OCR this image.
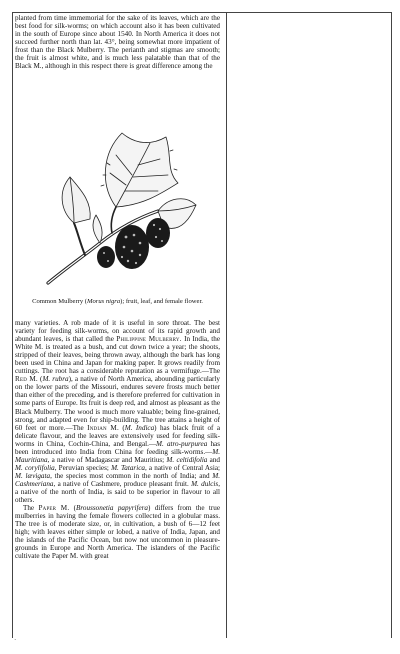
planted from time immemorial for the sake of its leaves, which are the best food for silk-worms; on which account also it has been cultivated in the south of Europe since about 1540. In North America it does not succeed further north than lat. 43°, being somewhat more impatient of frost than the Black Mulberry. The perianth and stigmas are smooth; the fruit is almost white, and is much less palatable than that of the Black M., although in this respect there is great difference among the

Common Mulberry (Morus nigra); fruit, leaf, and female flower.

many varieties. A rob made of it is useful in sore throat. The best variety for feeding silk-worms, on account of its rapid growth and abundant leaves, is that called the Philippine Mulberry. In India, the White M. is treated as a bush, and cut down twice a year; the shoots, stripped of their leaves, being thrown away, although the bark has long been used in China and Japan for making paper. It grows readily from cuttings. The root has a considerable reputation as a vermifuge.—The Red M. (M. rubra), a native of North America, abounding particularly on the lower parts of the Missouri, endures severe frosts much better than either of the preceding, and is therefore preferred for cultivation in some parts of Europe. Its fruit is deep red, and almost as pleasant as the Black Mulberry. The wood is much more valuable; being fine-grained, strong, and adapted even for ship-building. The tree attains a height of 60 feet or more.—The Indian M. (M. Indica) has black fruit of a delicate flavour, and the leaves are extensively used for feeding silk-worms in China, Cochin-China, and Bengal.—M. atro-purpurea has been introduced into India from China for feeding silk-worms.—M. Mauritiana, a native of Madagascar and Mauritius; M. celtidifolia and M. corylifolia, Peruvian species; M. Tatarica, a native of Central Asia; M. lævigata, the species most common in the north of India; and M. Cashmeriana, a native of Cashmere, produce pleasant fruit. M. dulcis, a native of the north of India, is said to be superior in flavour to all others.

The Paper M. (Broussonetia papyrifera) differs from the true mulberries in having the female flowers collected in a globular mass. The tree is of moderate size, or, in cultivation, a bush of 6—12 feet high; with leaves either simple or lobed, a native of India, Japan, and the islands of the Pacific Ocean, but now not uncommon in pleasure-grounds in Europe and North America. The islanders of the Pacific cultivate the Paper M. with great

·
